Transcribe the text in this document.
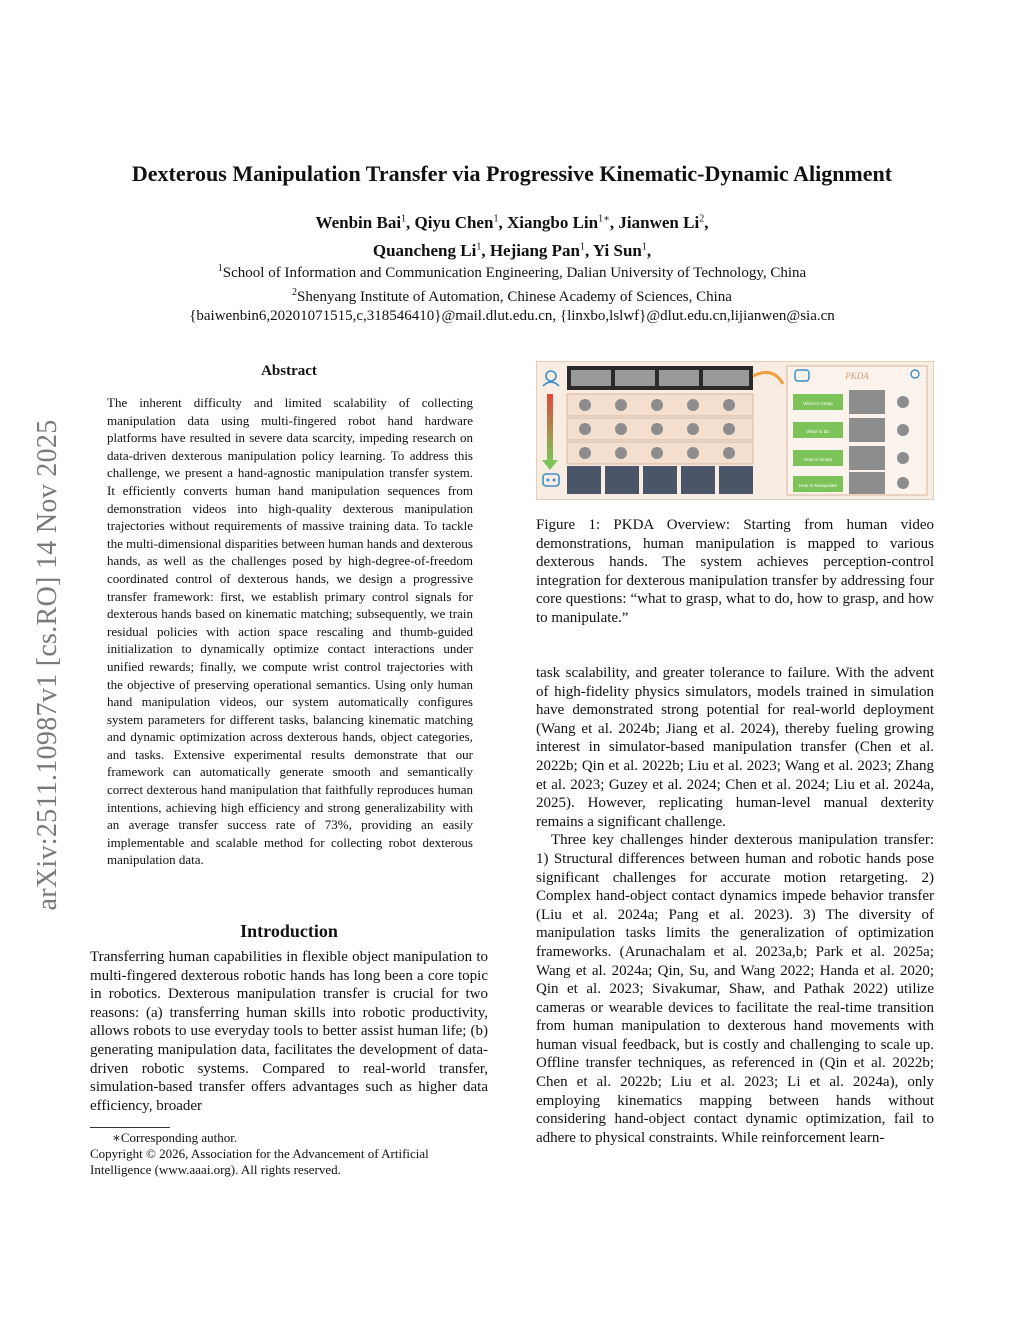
arXiv:2511.10987v1 [cs.RO] 14 Nov 2025
Dexterous Manipulation Transfer via Progressive Kinematic-Dynamic Alignment
Wenbin Bai$^1$, Qiyu Chen$^1$, Xiangbo Lin$^{1∗}$, Jianwen Li$^2$,
Quancheng Li$^1$, Hejiang Pan$^1$, Yi Sun$^1$,
$^1$School of Information and Communication Engineering, Dalian University of Technology, China
$^2$Shenyang Institute of Automation, Chinese Academy of Sciences, China
{baiwenbin6,20201071515,c,318546410}@mail.dlut.edu.cn, {linxbo,lslwf}@dlut.edu.cn,lijianwen@sia.cn
Abstract
The inherent difficulty and limited scalability of collecting manipulation data using multi-fingered robot hand hardware platforms have resulted in severe data scarcity, impeding research on data-driven dexterous manipulation policy learning. To address this challenge, we present a hand-agnostic manipulation transfer system. It efficiently converts human hand manipulation sequences from demonstration videos into high-quality dexterous manipulation trajectories without requirements of massive training data. To tackle the multi-dimensional disparities between human hands and dexterous hands, as well as the challenges posed by high-degree-of-freedom coordinated control of dexterous hands, we design a progressive transfer framework: first, we establish primary control signals for dexterous hands based on kinematic matching; subsequently, we train residual policies with action space rescaling and thumb-guided initialization to dynamically optimize contact interactions under unified rewards; finally, we compute wrist control trajectories with the objective of preserving operational semantics. Using only human hand manipulation videos, our system automatically configures system parameters for different tasks, balancing kinematic matching and dynamic optimization across dexterous hands, object categories, and tasks. Extensive experimental results demonstrate that our framework can automatically generate smooth and semantically correct dexterous hand manipulation that faithfully reproduces human intentions, achieving high efficiency and strong generalizability with an average transfer success rate of 73%, providing an easily implementable and scalable method for collecting robot dexterous manipulation data.
Introduction

Transferring human capabilities in flexible object manipulation to multi-fingered dexterous robotic hands has long been a core topic in robotics. Dexterous manipulation transfer is crucial for two reasons: (a) transferring human skills into robotic productivity, allows robots to use everyday tools to better assist human life; (b) generating manipulation data, facilitates the development of data-driven robotic systems. Compared to real-world transfer, simulation-based transfer offers advantages such as higher data efficiency, broader

∗Corresponding author.

Copyright © 2026, Association for the Advancement of Artificial Intelligence (www.aaai.org). All rights reserved.

PKDA
What to Grasp
What to Do
How to Grasp
How to Manipulate
Figure 1: PKDA Overview: Starting from human video demonstrations, human manipulation is mapped to various dexterous hands. The system achieves perception-control integration for dexterous manipulation transfer by addressing four core questions: “what to grasp, what to do, how to grasp, and how to manipulate.”

task scalability, and greater tolerance to failure. With the advent of high-fidelity physics simulators, models trained in simulation have demonstrated strong potential for real-world deployment (Wang et al. 2024b; Jiang et al. 2024), thereby fueling growing interest in simulator-based manipulation transfer (Chen et al. 2022b; Qin et al. 2022b; Liu et al. 2023; Wang et al. 2023; Zhang et al. 2023; Guzey et al. 2024; Chen et al. 2024; Liu et al. 2024a, 2025). However, replicating human-level manual dexterity remains a significant challenge.

Three key challenges hinder dexterous manipulation transfer: 1) Structural differences between human and robotic hands pose significant challenges for accurate motion retargeting. 2) Complex hand-object contact dynamics impede behavior transfer (Liu et al. 2024a; Pang et al. 2023). 3) The diversity of manipulation tasks limits the generalization of optimization frameworks. (Arunachalam et al. 2023a,b; Park et al. 2025a; Wang et al. 2024a; Qin, Su, and Wang 2022; Handa et al. 2020; Qin et al. 2023; Sivakumar, Shaw, and Pathak 2022) utilize cameras or wearable devices to facilitate the real-time transition from human manipulation to dexterous hand movements with human visual feedback, but is costly and challenging to scale up. Offline transfer techniques, as referenced in (Qin et al. 2022b; Chen et al. 2022b; Liu et al. 2023; Li et al. 2024a), only employing kinematics mapping between hands without considering hand-object contact dynamic optimization, fail to adhere to physical constraints. While reinforcement learn-
